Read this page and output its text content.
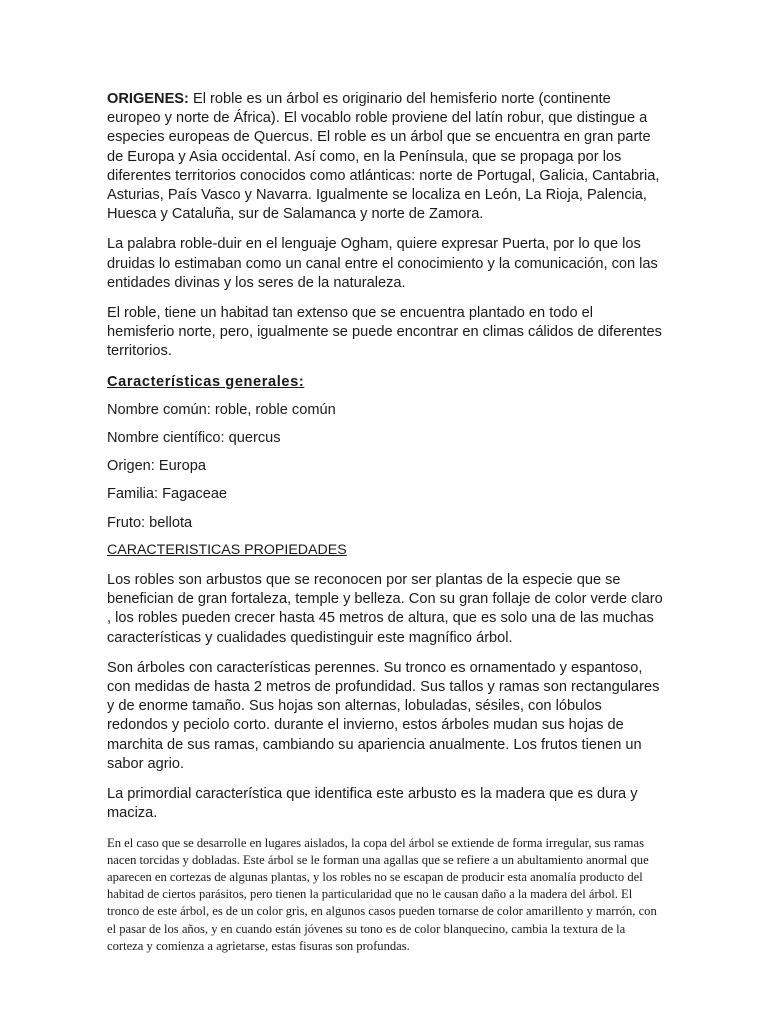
ORIGENES: El roble es un árbol es originario del hemisferio norte (continente europeo y norte de África). El vocablo roble proviene del latín robur, que distingue a especies europeas de Quercus. El roble es un árbol que se encuentra en gran parte de Europa y Asia occidental. Así como, en la Península, que se propaga por los diferentes territorios conocidos como atlánticas: norte de Portugal, Galicia, Cantabria, Asturias, País Vasco y Navarra. Igualmente se localiza en León, La Rioja, Palencia, Huesca y Cataluña, sur de Salamanca y norte de Zamora.

La palabra roble-duir en el lenguaje Ogham, quiere expresar Puerta, por lo que los druidas lo estimaban como un canal entre el conocimiento y la comunicación, con las entidades divinas y los seres de la naturaleza.

El roble, tiene un habitad tan extenso que se encuentra plantado en todo el hemisferio norte, pero, igualmente se puede encontrar en climas cálidos de diferentes territorios.

Características generales:

Nombre común: roble, roble común

Nombre científico: quercus

Origen: Europa

Familia: Fagaceae

Fruto: bellota

CARACTERISTICAS PROPIEDADES

Los robles son arbustos que se reconocen por ser plantas de la especie que se benefician de gran fortaleza, temple y belleza. Con su gran follaje de color verde claro , los robles pueden crecer hasta 45 metros de altura, que es solo una de las muchas características y cualidades quedistinguir este magnífico árbol.

Son árboles con características perennes. Su tronco es ornamentado y espantoso, con medidas de hasta 2 metros de profundidad. Sus tallos y ramas son rectangulares y de enorme tamaño. Sus hojas son alternas, lobuladas, sésiles, con lóbulos redondos y peciolo corto. durante el invierno, estos árboles mudan sus hojas de marchita de sus ramas, cambiando su apariencia anualmente. Los frutos tienen un sabor agrio.

La primordial característica que identifica este arbusto es la madera que es dura y maciza.

En el caso que se desarrolle en lugares aislados, la copa del árbol se extiende de forma irregular, sus ramas nacen torcidas y dobladas. Este árbol se le forman una agallas que se refiere a un abultamiento anormal que aparecen en cortezas de algunas plantas, y los robles no se escapan de producir esta anomalía producto del habitad de ciertos parásitos, pero tienen la particularidad que no le causan daño a la madera del árbol. El tronco de este árbol, es de un color gris, en algunos casos pueden tornarse de color amarillento y marrón, con el pasar de los años, y en cuando están jóvenes su tono es de color blanquecino, cambia la textura de la corteza y comienza a agrietarse, estas fisuras son profundas.
